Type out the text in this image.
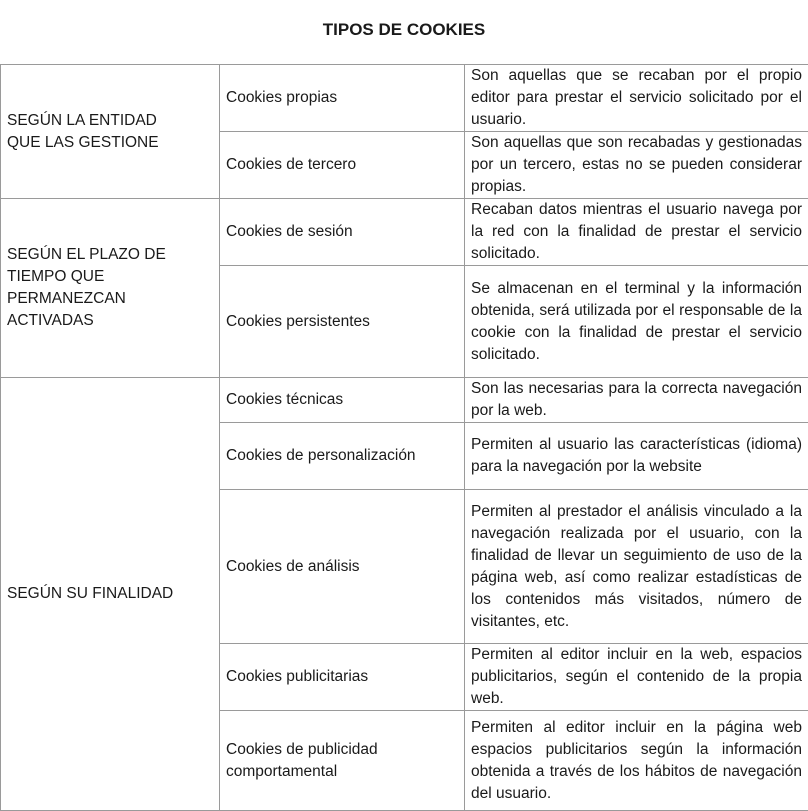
TIPOS DE COOKIES
SEGÚN LA ENTIDAD QUE LAS GESTIONE	Cookies propias	Son aquellas que se recaban por el propio editor para prestar el servicio solicitado por el usuario.
	Cookies de tercero	Son aquellas que son recabadas y gestionadas por un tercero, estas no se pueden considerar propias.

SEGÚN EL PLAZO DE TIEMPO QUE PERMANEZCAN ACTIVADAS	Cookies de sesión	Recaban datos mientras el usuario navega por la red con la finalidad de prestar el servicio solicitado.
	Cookies persistentes	Se almacenan en el terminal y la información obtenida, será utilizada por el responsable de la cookie con la finalidad de prestar el servicio solicitado.

SEGÚN SU FINALIDAD	Cookies técnicas	Son las necesarias para la correcta navegación por la web.
	Cookies de personalización	Permiten al usuario las características (idioma) para la navegación por la website
	Cookies de análisis	Permiten al prestador el análisis vinculado a la navegación realizada por el usuario, con la finalidad de llevar un seguimiento de uso de la página web, así como realizar estadísticas de los contenidos más visitados, número de visitantes, etc.
	Cookies publicitarias	Permiten al editor incluir en la web, espacios publicitarios, según el contenido de la propia web.

	Cookies de publicidad comportamental	Permiten al editor incluir en la página web espacios publicitarios según la información obtenida a través de los hábitos de navegación del usuario.
